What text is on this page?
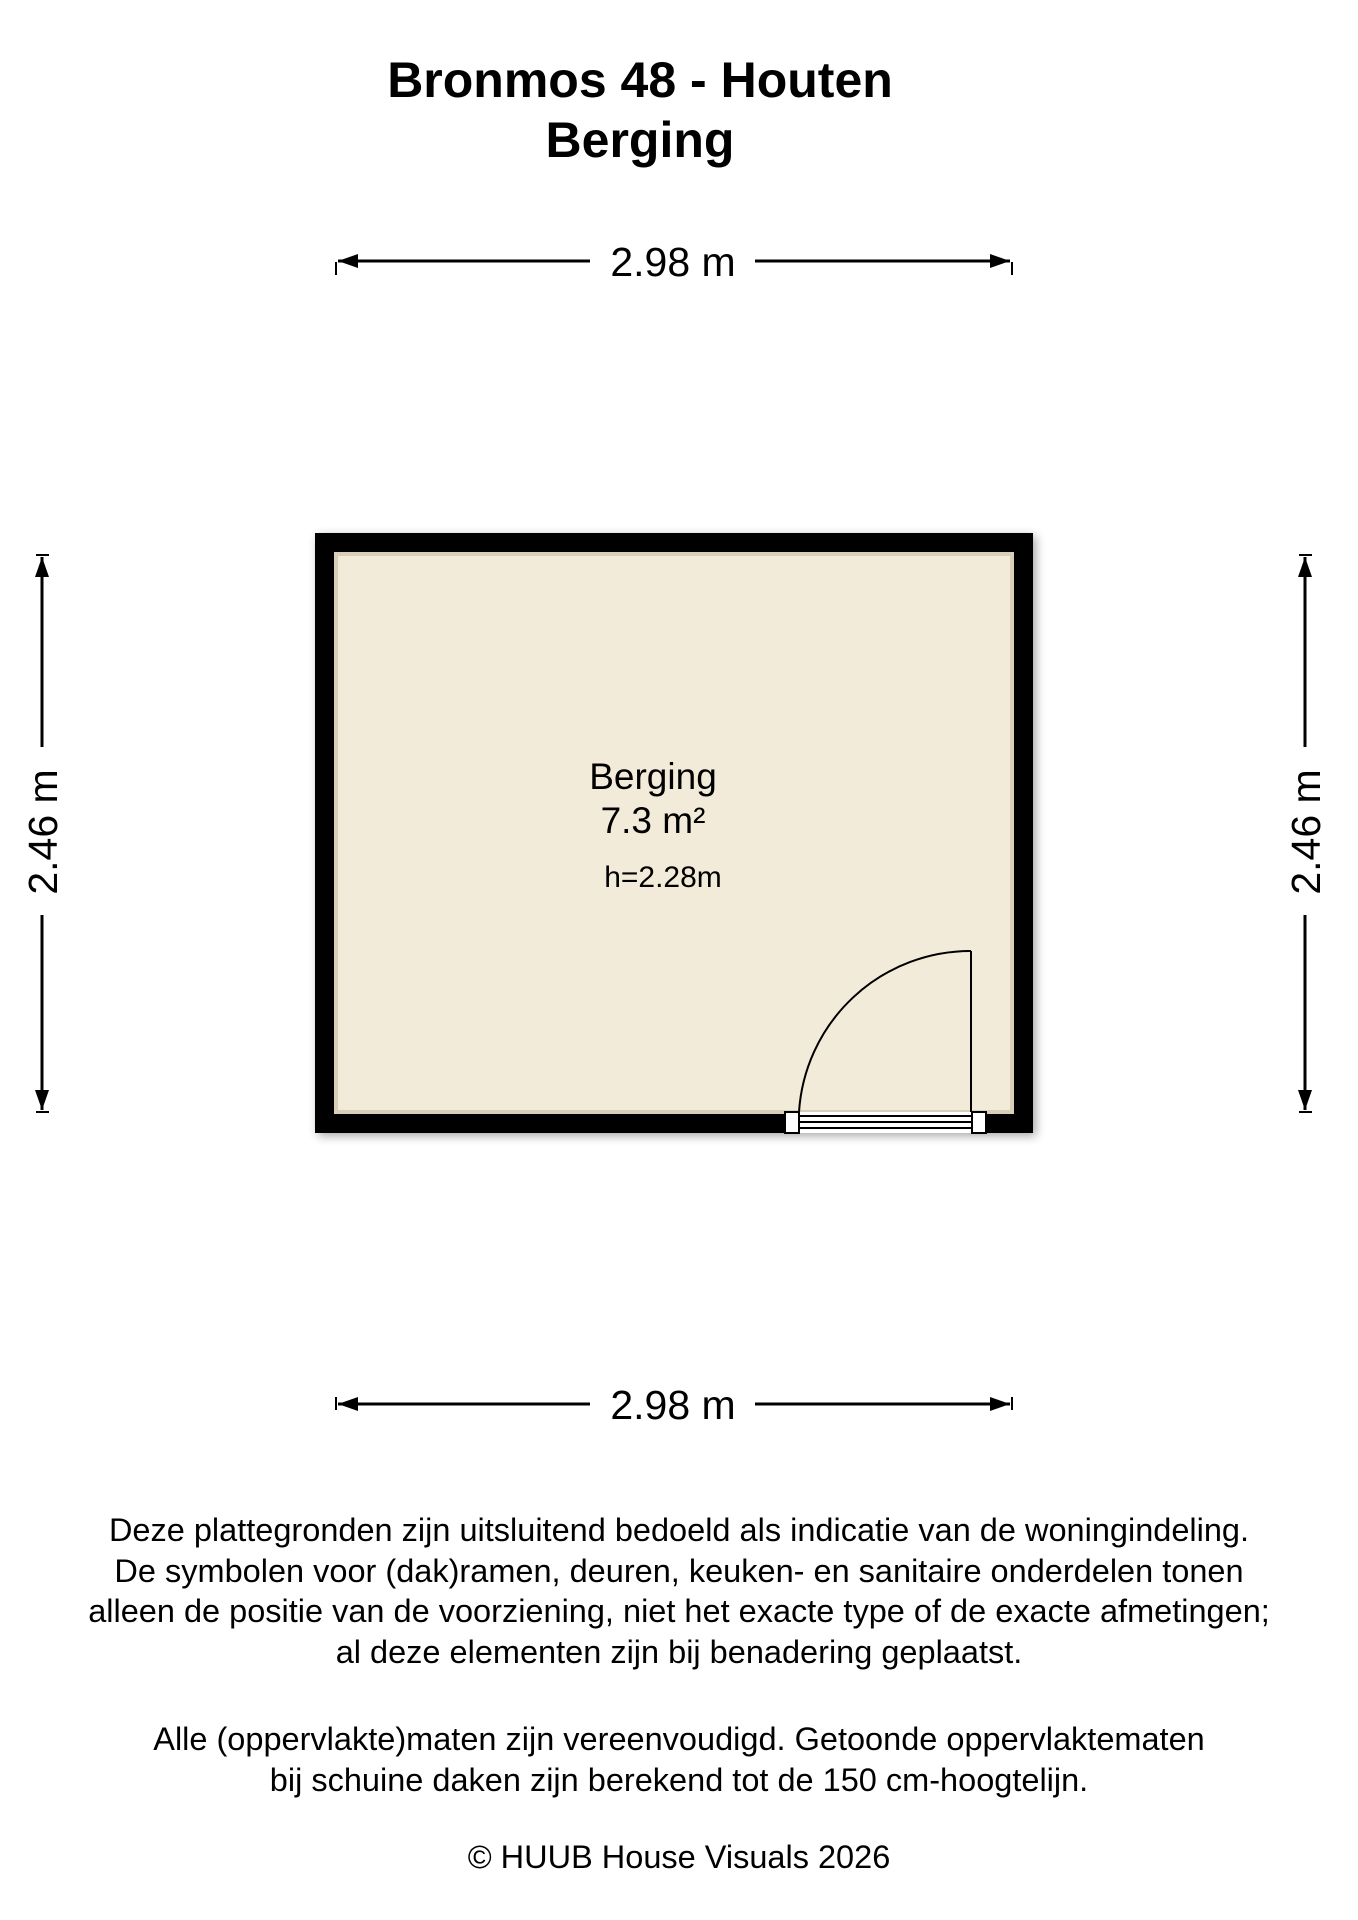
Bronmos 48 - Houten
Berging
2.98 m
2.98 m
2.46 m	2.46 m
Berging
7.3 m²
h=2.28m
Deze plattegronden zijn uitsluitend bedoeld als indicatie van de woningindeling.
De symbolen voor (dak)ramen, deuren, keuken- en sanitaire onderdelen tonen
alleen de positie van de voorziening, niet het exacte type of de exacte afmetingen;
al deze elementen zijn bij benadering geplaatst.
Alle (oppervlakte)maten zijn vereenvoudigd. Getoonde oppervlaktematen
bij schuine daken zijn berekend tot de 150 cm-hoogtelijn.
© HUUB House Visuals 2026
